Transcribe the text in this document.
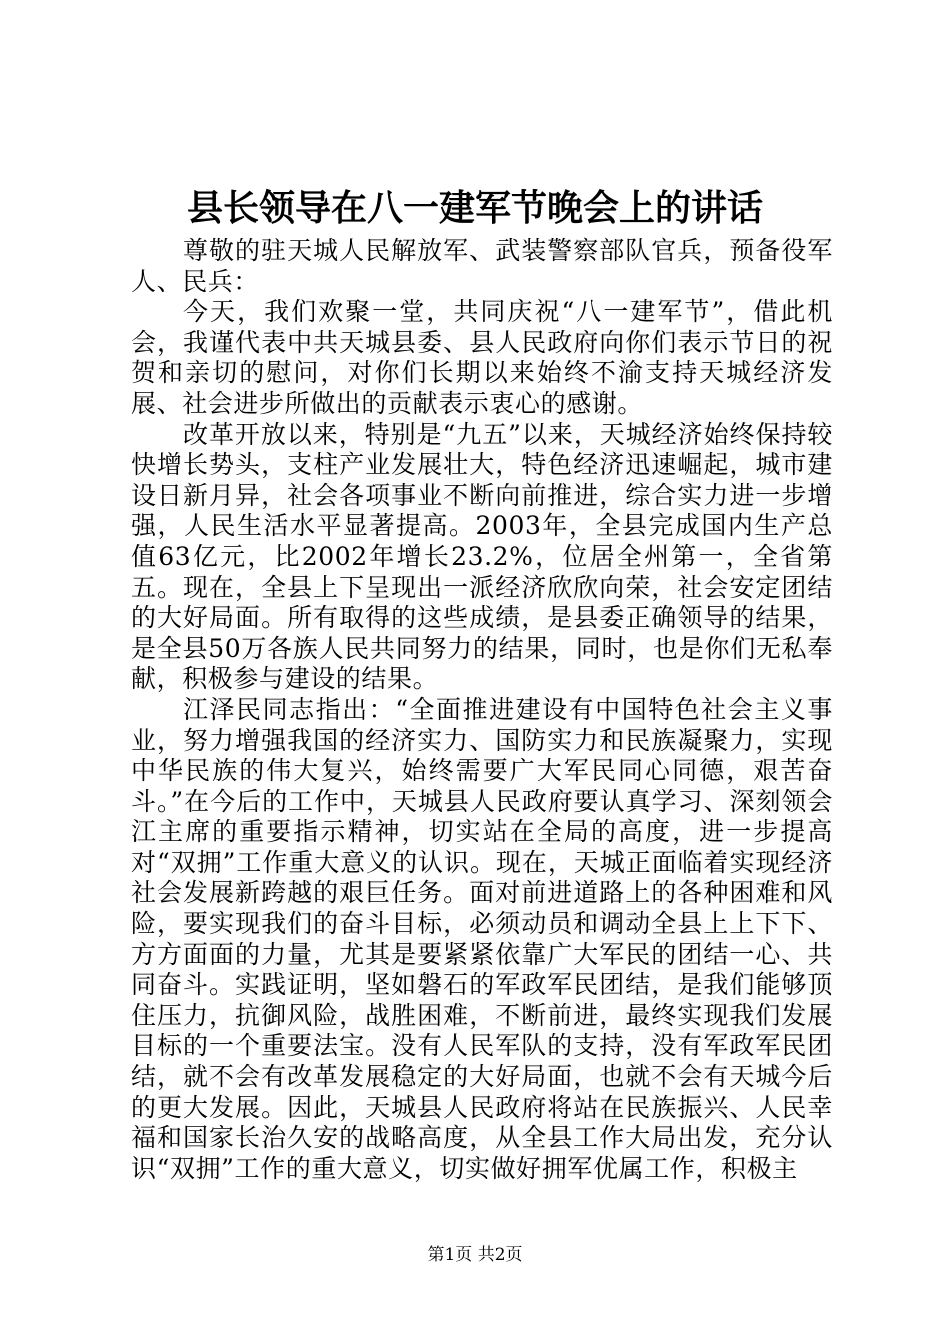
县长领导在八一建军节晚会上的讲话

尊敬的驻天城人民解放军、武装警察部队官兵，预备役军人、民兵：

今天，我们欢聚一堂，共同庆祝“八一建军节”，借此机会，我谨代表中共天城县委、县人民政府向你们表示节日的祝贺和亲切的慰问，对你们长期以来始终不渝支持天城经济发展、社会进步所做出的贡献表示衷心的感谢。

改革开放以来，特别是“九五”以来，天城经济始终保持较快增长势头，支柱产业发展壮大，特色经济迅速崛起，城市建设日新月异，社会各项事业不断向前推进，综合实力进一步增强，人民生活水平显著提高。2003年，全县完成国内生产总值63亿元，比2002年增长23.2%，位居全州第一，全省第五。现在，全县上下呈现出一派经济欣欣向荣，社会安定团结的大好局面。所有取得的这些成绩，是县委正确领导的结果，是全县50万各族人民共同努力的结果，同时，也是你们无私奉献，积极参与建设的结果。

江泽民同志指出：“全面推进建设有中国特色社会主义事业，努力增强我国的经济实力、国防实力和民族凝聚力，实现中华民族的伟大复兴，始终需要广大军民同心同德，艰苦奋斗。”在今后的工作中，天城县人民政府要认真学习、深刻领会江主席的重要指示精神，切实站在全局的高度，进一步提高对“双拥”工作重大意义的认识。现在，天城正面临着实现经济社会发展新跨越的艰巨任务。面对前进道路上的各种困难和风险，要实现我们的奋斗目标，必须动员和调动全县上上下下、方方面面的力量，尤其是要紧紧依靠广大军民的团结一心、共同奋斗。实践证明，坚如磐石的军政军民团结，是我们能够顶住压力，抗御风险，战胜困难，不断前进，最终实现我们发展目标的一个重要法宝。没有人民军队的支持，没有军政军民团结，就不会有改革发展稳定的大好局面，也就不会有天城今后的更大发展。因此，天城县人民政府将站在民族振兴、人民幸福和国家长治久安的战略高度，从全县工作大局出发，充分认识“双拥”工作的重大意义，切实做好拥军优属工作，积极主

第1页 共2页
